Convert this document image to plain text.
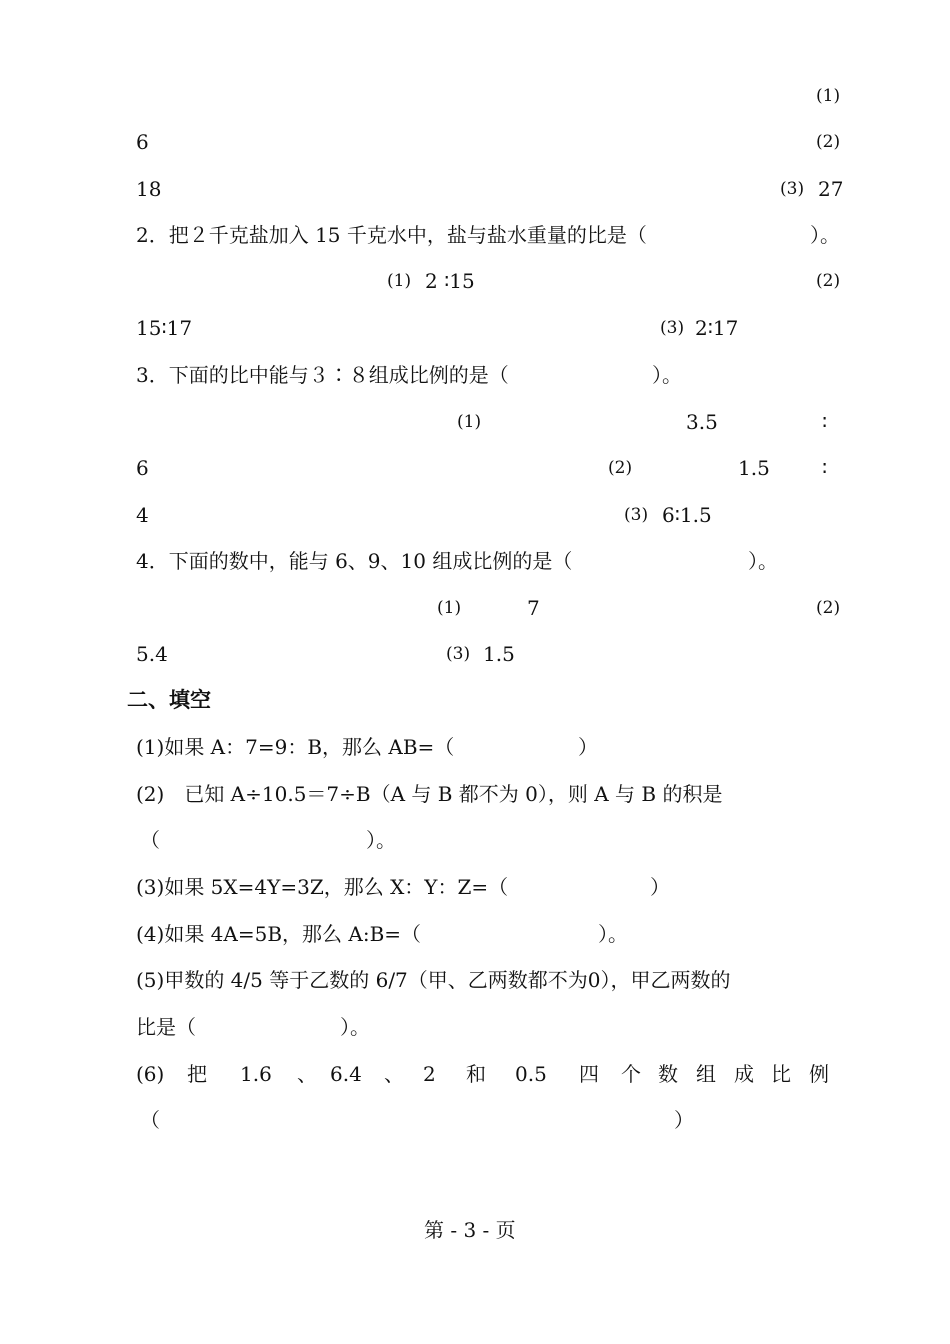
(1)
6	(2)
18	(3) 27
2．把２千克盐加入 15 千克水中，盐与盐水重量的比是（	）。
(1) 2 ∶15	(2)
15∶17	(3) 2∶17
3．下面的比中能与３∶８组成比例的是（	）。
(1)	3.5	∶
6	(2)	1.5	∶
4	(3) 6∶1.5
4．下面的数中，能与 6、9、10 组成比例的是（	）。
(1)	7	(2)
5.4	(3) 1.5
二、填空
(1)如果 A：7=9：B，那么 AB=（	）
(2)　已知 A÷10.5＝7÷B（A 与 B 都不为 0），则 A 与 B 的积是
（	）。
(3)如果 5X=4Y=3Z，那么 X：Y：Z=（	）
(4)如果 4A=5B，那么 A:B=（	）。
(5)甲数的 4/5 等于乙数的 6/7（甲、乙两数都不为0），甲乙两数的
比是（	）。
(6) 把 1.6 、 6.4 、 2 和 0.5 四 个 数 组 成 比 例
（	）
第 - 3 - 页
